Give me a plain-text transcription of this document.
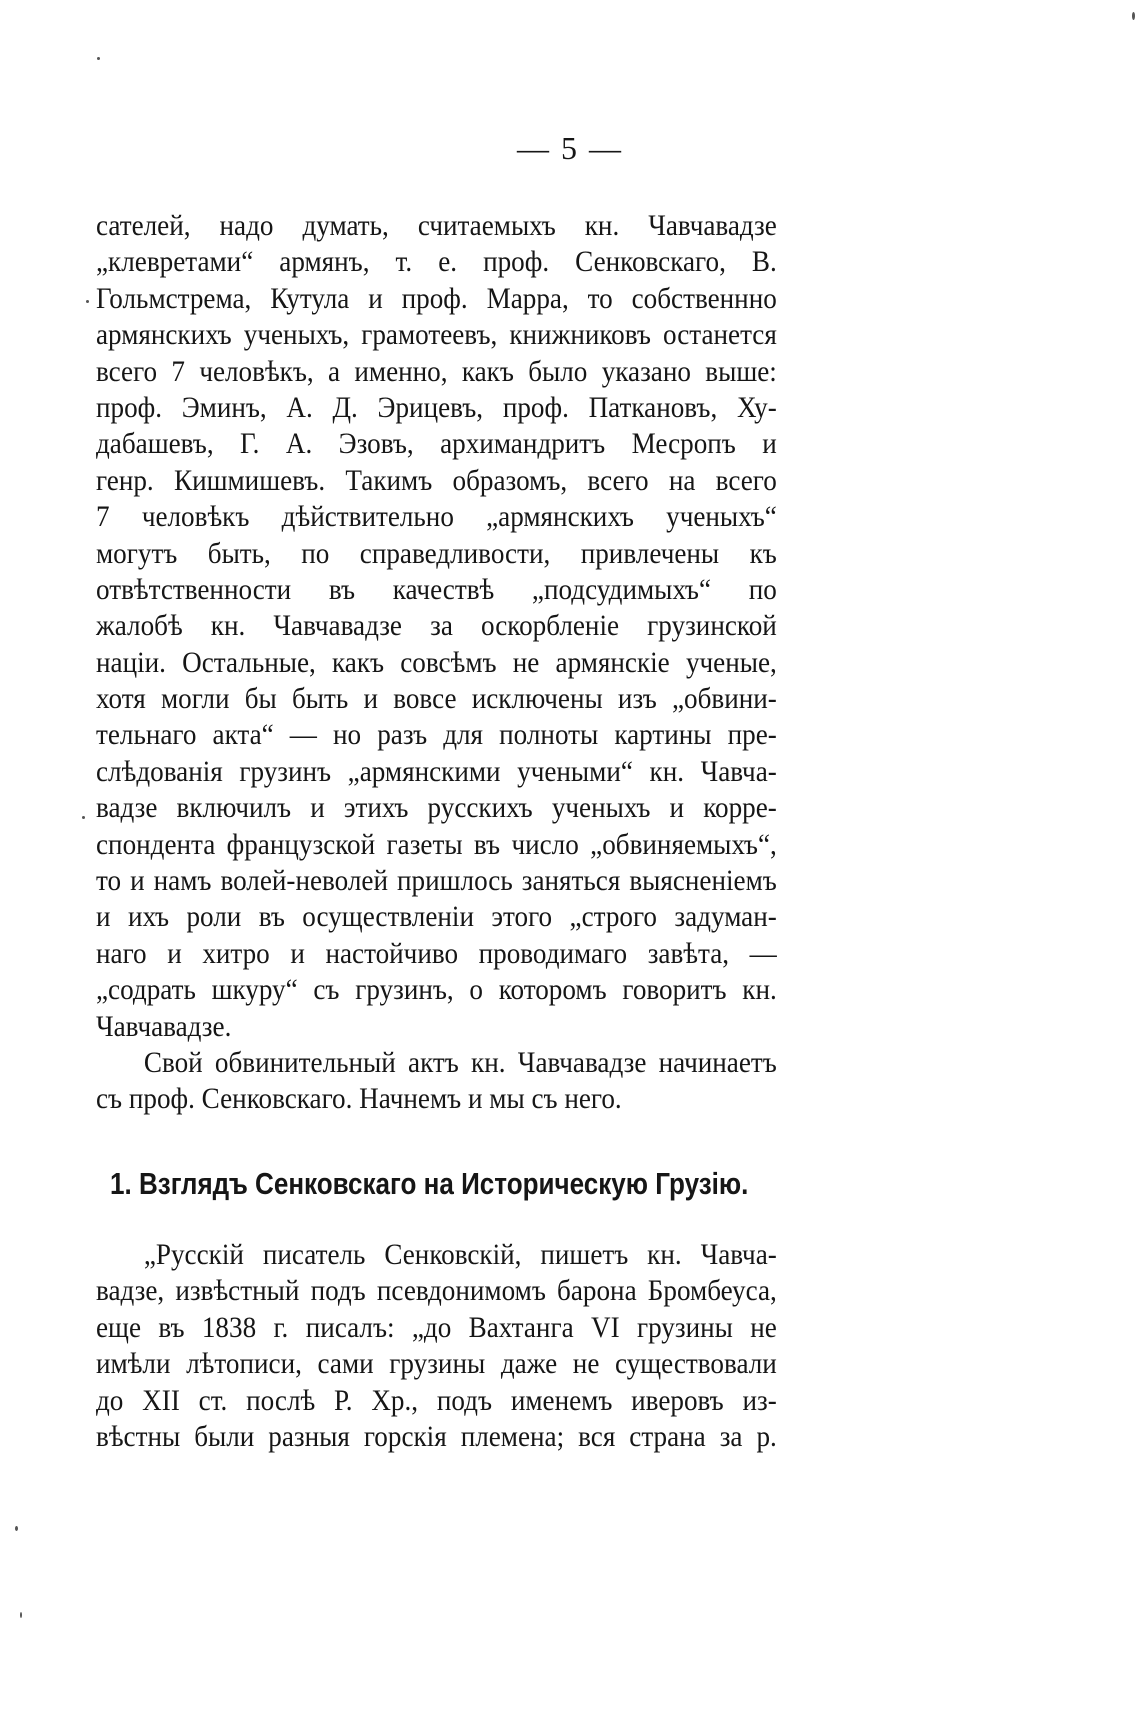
— 5 —
сателей, надо думать, считаемыхъ кн. Чавчавадзе
„клевретами“ армянъ, т. е. проф. Сенковскаго, В.
Гольмстрема, Кутула и проф. Марра, то собственнно
армянскихъ ученыхъ, грамотеевъ, книжниковъ останется
всего 7 человѣкъ, а именно, какъ было указано выше:
проф. Эминъ, А. Д. Эрицевъ, проф. Паткановъ, Ху-
дабашевъ, Г. А. Эзовъ, архимандритъ Месропъ и
генр. Кишмишевъ. Такимъ образомъ, всего на всего
7 человѣкъ дѣйствительно „армянскихъ ученыхъ“
могутъ быть, по справедливости, привлечены къ
отвѣтственности въ качествѣ „подсудимыхъ“ по
жалобѣ кн. Чавчавадзе за оскорбленіе грузинской
націи. Остальные, какъ совсѣмъ не армянскіе ученые,
хотя могли бы быть и вовсе исключены изъ „обвини-
тельнаго акта“ — но разъ для полноты картины пре-
слѣдованія грузинъ „армянскими учеными“ кн. Чавча-
вадзе включилъ и этихъ русскихъ ученыхъ и корре-
спондента французской газеты въ число „обвиняемыхъ“,
то и намъ волей-неволей пришлось заняться выясненіемъ
и ихъ роли въ осуществленіи этого „строго задуман-
наго и хитро и настойчиво проводимаго завѣта, —
„содрать шкуру“ съ грузинъ, о которомъ говоритъ кн.
Чавчавадзе.
Свой обвинительный актъ кн. Чавчавадзе начинаетъ
съ проф. Сенковскаго. Начнемъ и мы съ него.
1. Взглядъ Сенковскаго на Историческую Грузію.
„Русскій писатель Сенковскій, пишетъ кн. Чавча-
вадзе, извѣстный подъ псевдонимомъ барона Бромбеуса,
еще въ 1838 г. писалъ: „до Вахтанга VI грузины не
имѣли лѣтописи, сами грузины даже не существовали
до XII ст. послѣ Р. Хр., подъ именемъ иверовъ из-
вѣстны были разныя горскія племена; вся страна за р.
